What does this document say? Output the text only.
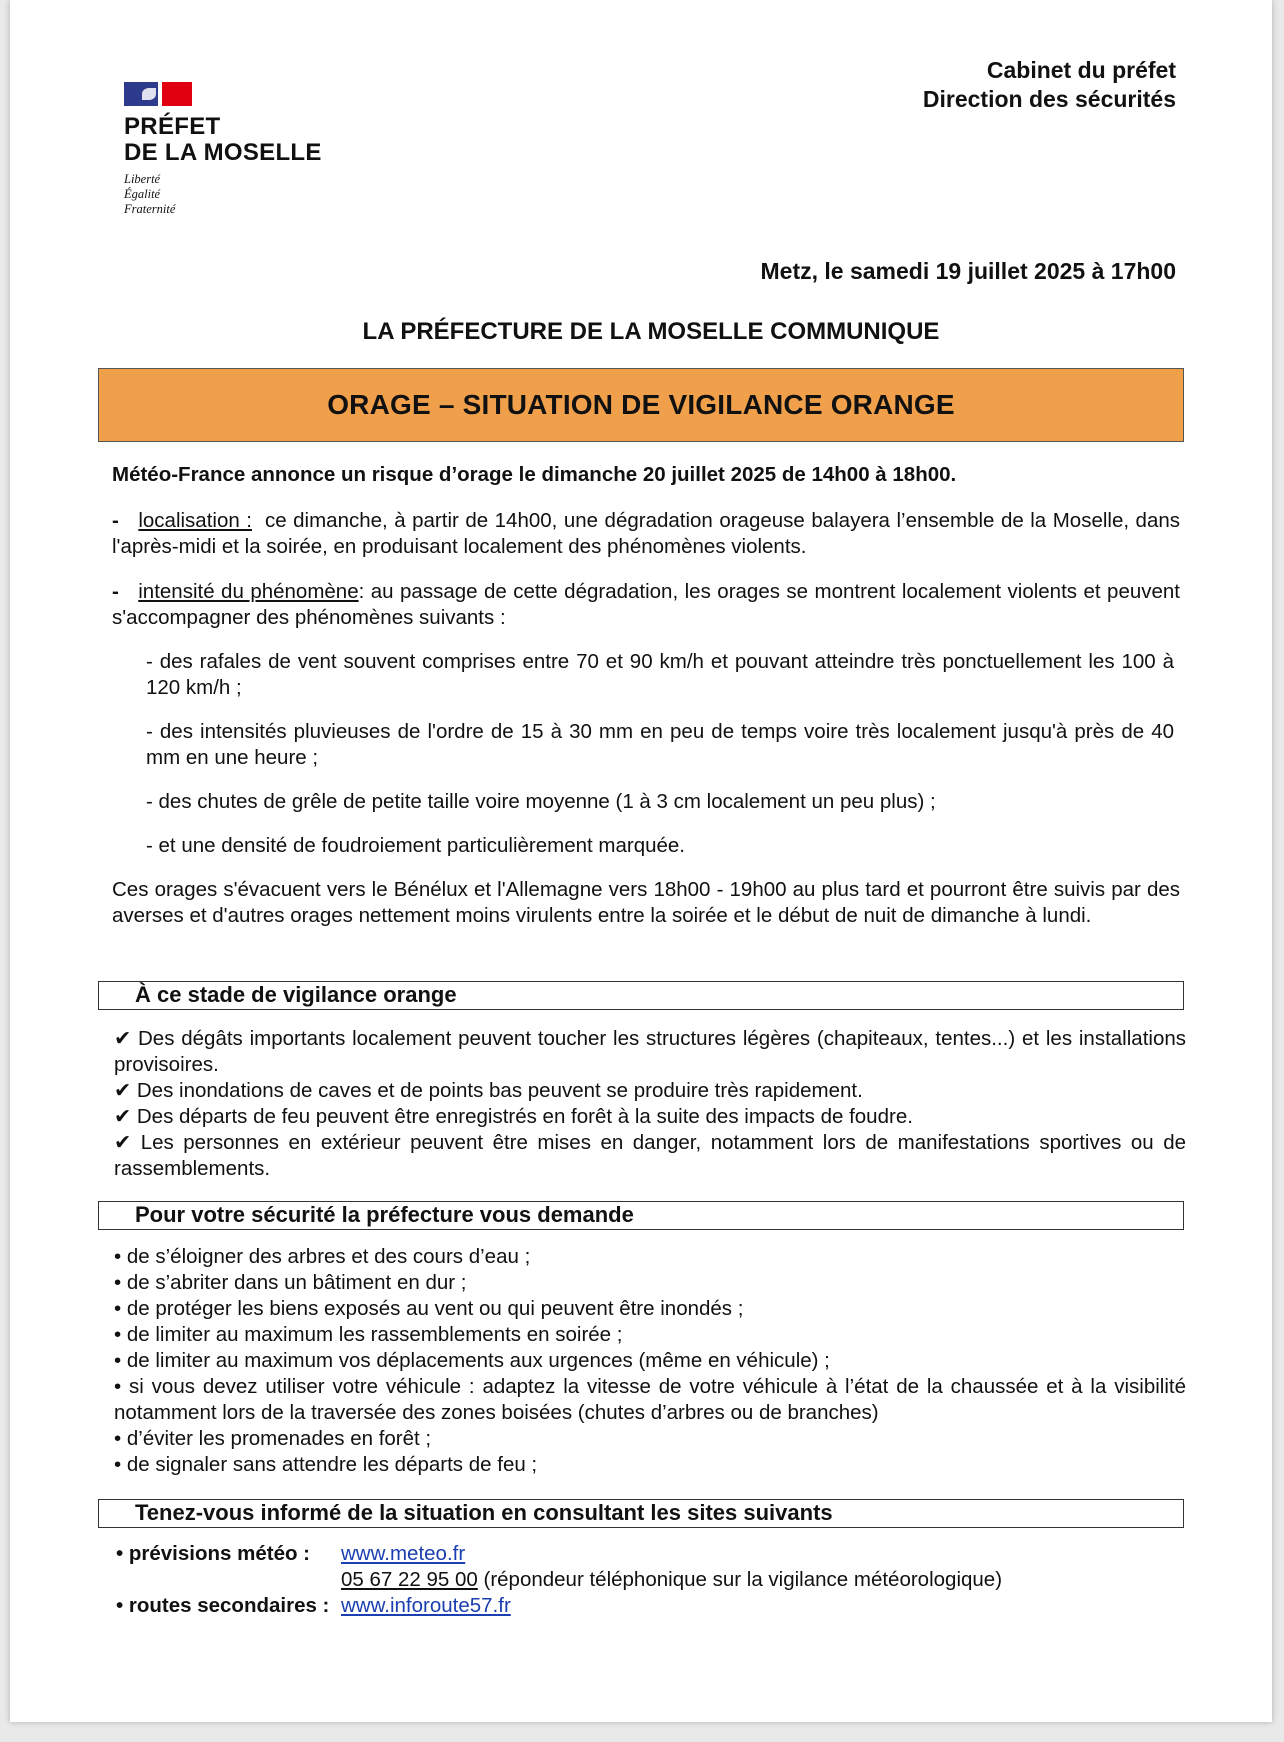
PRÉFET
DE LA MOSELLE
Liberté
Égalité
Fraternité
Cabinet du préfet
Direction des sécurités
Metz, le samedi 19 juillet 2025 à 17h00
LA PRÉFECTURE DE LA MOSELLE COMMUNIQUE
ORAGE – SITUATION DE VIGILANCE ORANGE
Météo-France annonce un risque d’orage le dimanche 20 juillet 2025 de 14h00 à 18h00.
- localisation : ce dimanche, à partir de 14h00, une dégradation orageuse balayera l’ensemble de la Moselle, dans l'après-midi et la soirée, en produisant localement des phénomènes violents.
- intensité du phénomène: au passage de cette dégradation, les orages se montrent localement violents et peuvent s'accompagner des phénomènes suivants :
- des rafales de vent souvent comprises entre 70 et 90 km/h et pouvant atteindre très ponctuellement les 100 à 120 km/h ;
- des intensités pluvieuses de l'ordre de 15 à 30 mm en peu de temps voire très localement jusqu'à près de 40 mm en une heure ;
- des chutes de grêle de petite taille voire moyenne (1 à 3 cm localement un peu plus) ;
- et une densité de foudroiement particulièrement marquée.
Ces orages s'évacuent vers le Bénélux et l'Allemagne vers 18h00 - 19h00 au plus tard et pourront être suivis par des averses et d'autres orages nettement moins virulents entre la soirée et le début de nuit de dimanche à lundi.
À ce stade de vigilance orange
✔ Des dégâts importants localement peuvent toucher les structures légères (chapiteaux, tentes...) et les installations provisoires.
✔ Des inondations de caves et de points bas peuvent se produire très rapidement.
✔ Des départs de feu peuvent être enregistrés en forêt à la suite des impacts de foudre.
✔ Les personnes en extérieur peuvent être mises en danger, notamment lors de manifestations sportives ou de rassemblements.
Pour votre sécurité la préfecture vous demande
• de s’éloigner des arbres et des cours d’eau ;
• de s’abriter dans un bâtiment en dur ;
• de protéger les biens exposés au vent ou qui peuvent être inondés ;
• de limiter au maximum les rassemblements en soirée ;
• de limiter au maximum vos déplacements aux urgences (même en véhicule) ;
• si vous devez utiliser votre véhicule : adaptez la vitesse de votre véhicule à l’état de la chaussée et à la visibilité notamment lors de la traversée des zones boisées (chutes d’arbres ou de branches)
• d’éviter les promenades en forêt ;
• de signaler sans attendre les départs de feu ;
Tenez-vous informé de la situation en consultant les sites suivants
• prévisions météo :	www.meteo.fr
05 67 22 95 00 (répondeur téléphonique sur la vigilance météorologique)
• routes secondaires : www.inforoute57.fr
